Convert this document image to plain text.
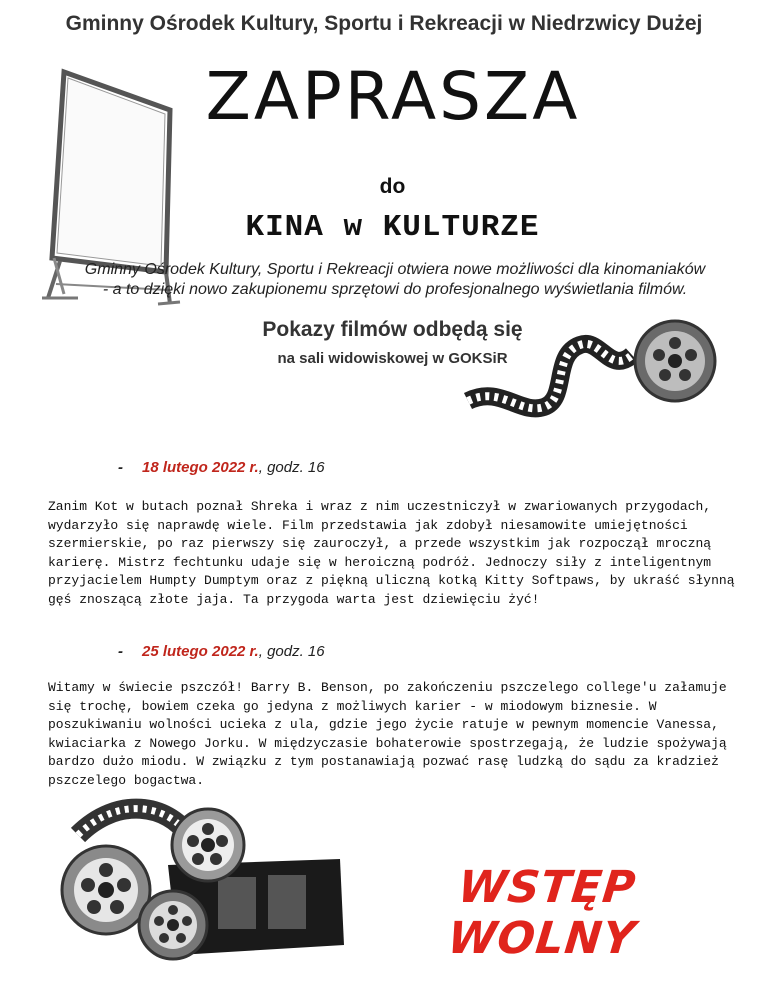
Gminny Ośrodek Kultury, Sportu i Rekreacji w Niedrzwicy Dużej
ZAPRASZA
do
KINA w KULTURZE
Gminny Ośrodek Kultury, Sportu i Rekreacji otwiera nowe możliwości dla kinomaniaków
- a to dzięki nowo zakupionemu sprzętowi do profesjonalnego wyświetlania filmów.
Pokazy filmów odbędą się
na sali widowiskowej w GOKSiR
- 18 lutego 2022 r., godz. 16
Zanim Kot w butach poznał Shreka i wraz z nim uczestniczył w zwariowanych przygodach, wydarzyło się naprawdę wiele. Film przedstawia jak zdobył niesamowite umiejętności szermierskie, po raz pierwszy się zauroczył, a przede wszystkim jak rozpoczął mroczną karierę. Mistrz fechtunku udaje się w heroiczną podróż. Jednoczy siły z inteligentnym przyjacielem Humpty Dumptym oraz z piękną uliczną kotką Kitty Softpaws, by ukraść słynną gęś znoszącą złote jaja. Ta przygoda warta jest dziewięciu żyć!
- 25 lutego 2022 r., godz. 16
Witamy w świecie pszczół! Barry B. Benson, po zakończeniu pszczelego college'u załamuje się trochę, bowiem czeka go jedyna z możliwych karier - w miodowym biznesie. W poszukiwaniu wolności ucieka z ula, gdzie jego życie ratuje w pewnym momencie Vanessa, kwiaciarka z Nowego Jorku. W międzyczasie bohaterowie spostrzegają, że ludzie spożywają bardzo dużo miodu. W związku z tym postanawiają pozwać rasę ludzką do sądu za kradzież pszczelego bogactwa.
WSTĘP WOLNY
